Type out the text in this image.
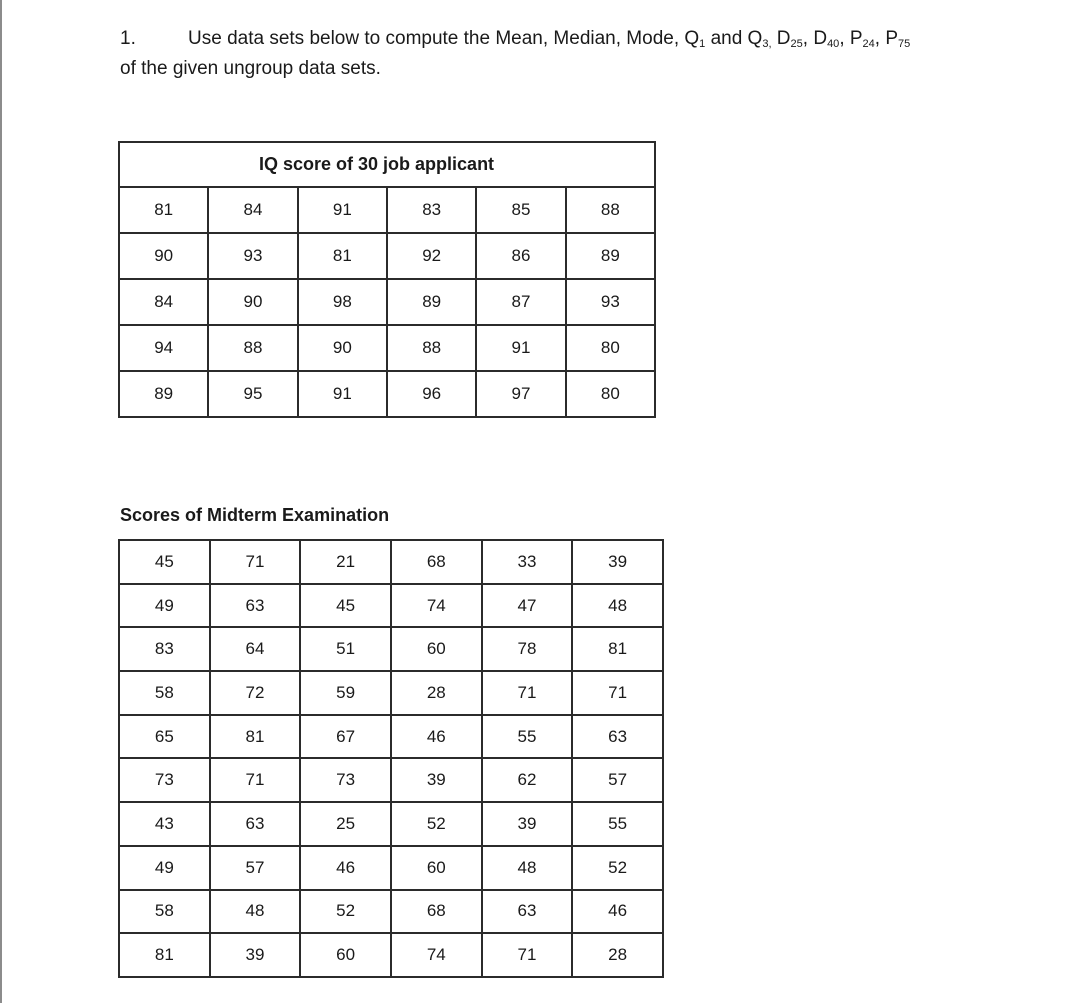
1.	Use data sets below to compute the Mean, Median, Mode, $Q_1$ and $Q_{3,}$ $D_{25}$, $D_{40}$, $P_{24}$, $P_{75}$
of the given ungroup data sets.
IQ score of 30 job applicant					
81	84	91	83	85	88
90	93	81	92	86	89
84	90	98	89	87	93
94	88	90	88	91	80
89	95	91	96	97	80
Scores of Midterm Examination
45	71	21	68	33	39
49	63	45	74	47	48
83	64	51	60	78	81
58	72	59	28	71	71
65	81	67	46	55	63
73	71	73	39	62	57
43	63	25	52	39	55
49	57	46	60	48	52
58	48	52	68	63	46
81	39	60	74	71	28
